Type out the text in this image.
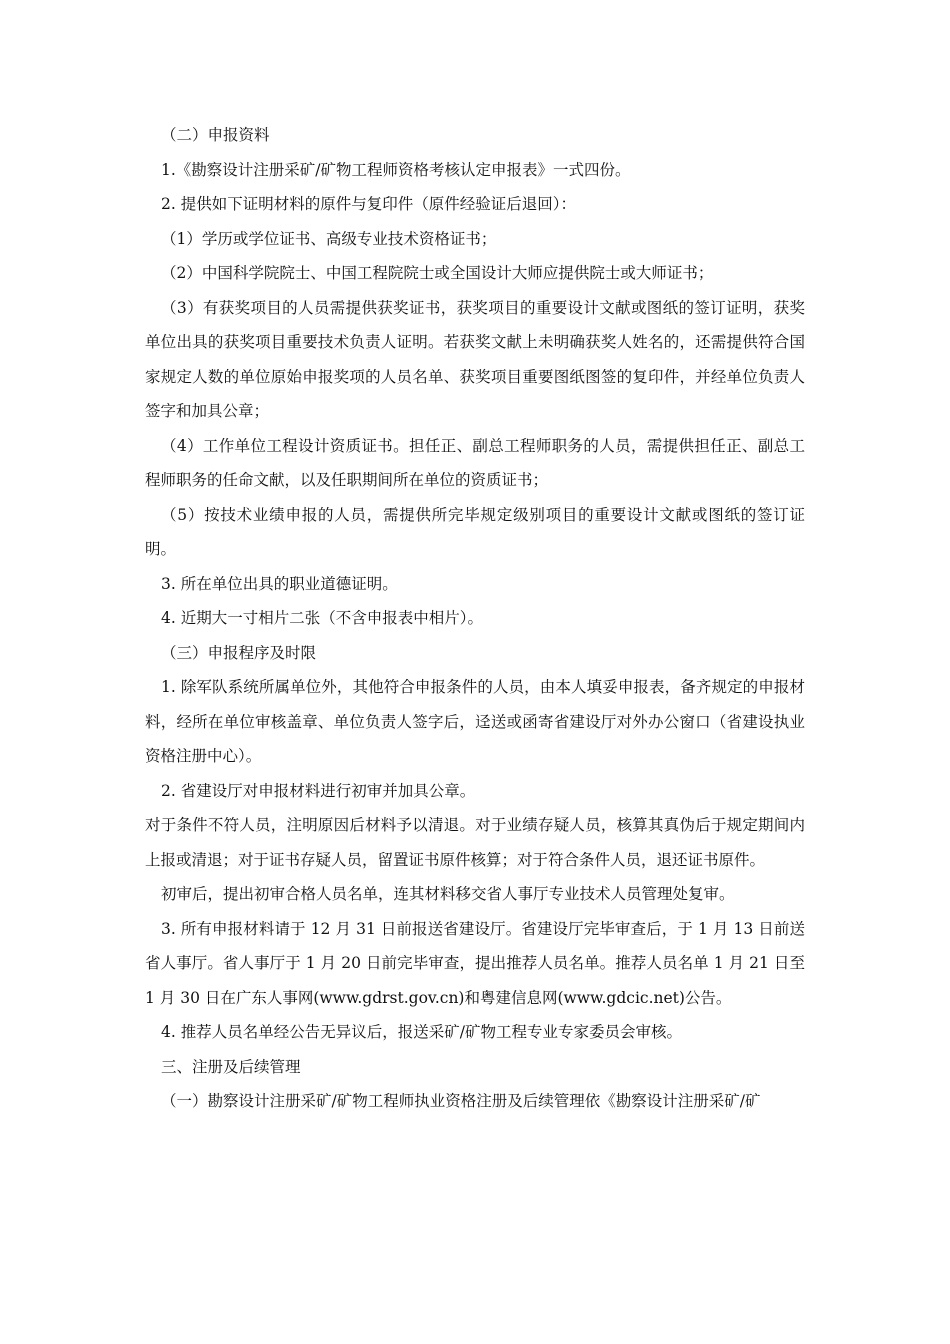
（二）申报资料

1.《勘察设计注册采矿/矿物工程师资格考核认定申报表》一式四份。

2. 提供如下证明材料的原件与复印件（原件经验证后退回）：

（1）学历或学位证书、高级专业技术资格证书；

（2）中国科学院院士、中国工程院院士或全国设计大师应提供院士或大师证书；

（3）有获奖项目的人员需提供获奖证书，获奖项目的重要设计文献或图纸的签订证明，获奖单位出具的获奖项目重要技术负责人证明。若获奖文献上未明确获奖人姓名的，还需提供符合国家规定人数的单位原始申报奖项的人员名单、获奖项目重要图纸图签的复印件，并经单位负责人签字和加具公章；

（4）工作单位工程设计资质证书。担任正、副总工程师职务的人员，需提供担任正、副总工程师职务的任命文献，以及任职期间所在单位的资质证书；

（5）按技术业绩申报的人员，需提供所完毕规定级别项目的重要设计文献或图纸的签订证明。

3. 所在单位出具的职业道德证明。

4. 近期大一寸相片二张（不含申报表中相片）。

（三）申报程序及时限

1. 除军队系统所属单位外，其他符合申报条件的人员，由本人填妥申报表，备齐规定的申报材料，经所在单位审核盖章、单位负责人签字后，迳送或函寄省建设厅对外办公窗口（省建设执业资格注册中心）。

2. 省建设厅对申报材料进行初审并加具公章。

对于条件不符人员，注明原因后材料予以清退。对于业绩存疑人员，核算其真伪后于规定期间内上报或清退；对于证书存疑人员，留置证书原件核算；对于符合条件人员，退还证书原件。

初审后，提出初审合格人员名单，连其材料移交省人事厅专业技术人员管理处复审。

3. 所有申报材料请于 12 月 31 日前报送省建设厅。省建设厅完毕审查后，于 1 月 13 日前送省人事厅。省人事厅于 1 月 20 日前完毕审查，提出推荐人员名单。推荐人员名单 1 月 21 日至 1 月 30 日在广东人事网(www.gdrst.gov.cn)和粤建信息网(www.gdcic.net)公告。

4. 推荐人员名单经公告无异议后，报送采矿/矿物工程专业专家委员会审核。

三、注册及后续管理

（一）勘察设计注册采矿/矿物工程师执业资格注册及后续管理依《勘察设计注册采矿/矿
